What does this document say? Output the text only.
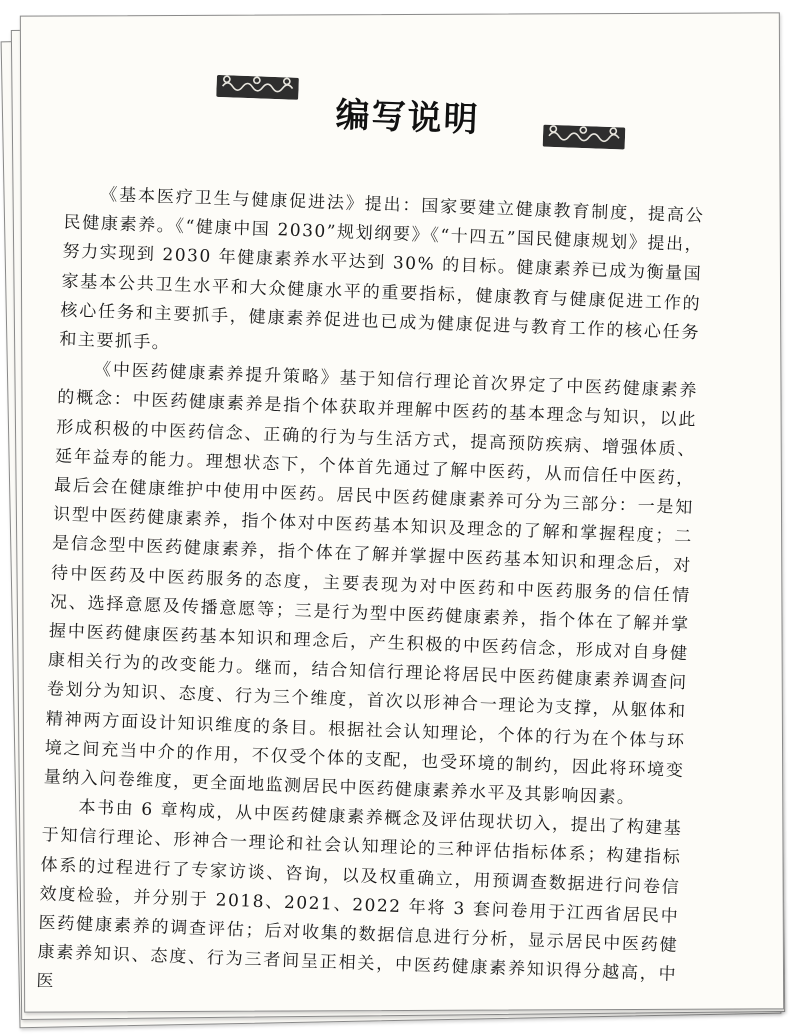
编写说明

《基本医疗卫生与健康促进法》提出：国家要建立健康教育制度，提高公民健康素养。《“健康中国 2030”规划纲要》《“十四五”国民健康规划》提出，努力实现到 2030 年健康素养水平达到 30% 的目标。健康素养已成为衡量国家基本公共卫生水平和大众健康水平的重要指标，健康教育与健康促进工作的核心任务和主要抓手，健康素养促进也已成为健康促进与教育工作的核心任务和主要抓手。

《中医药健康素养提升策略》基于知信行理论首次界定了中医药健康素养的概念：中医药健康素养是指个体获取并理解中医药的基本理念与知识，以此形成积极的中医药信念、正确的行为与生活方式，提高预防疾病、增强体质、延年益寿的能力。理想状态下，个体首先通过了解中医药，从而信任中医药，最后会在健康维护中使用中医药。居民中医药健康素养可分为三部分：一是知识型中医药健康素养，指个体对中医药基本知识及理念的了解和掌握程度；二是信念型中医药健康素养，指个体在了解并掌握中医药基本知识和理念后，对待中医药及中医药服务的态度，主要表现为对中医药和中医药服务的信任情况、选择意愿及传播意愿等；三是行为型中医药健康素养，指个体在了解并掌握中医药健康医药基本知识和理念后，产生积极的中医药信念，形成对自身健康相关行为的改变能力。继而，结合知信行理论将居民中医药健康素养调查问卷划分为知识、态度、行为三个维度，首次以形神合一理论为支撑，从躯体和精神两方面设计知识维度的条目。根据社会认知理论，个体的行为在个体与环境之间充当中介的作用，不仅受个体的支配，也受环境的制约，因此将环境变量纳入问卷维度，更全面地监测居民中医药健康素养水平及其影响因素。

本书由 6 章构成，从中医药健康素养概念及评估现状切入，提出了构建基于知信行理论、形神合一理论和社会认知理论的三种评估指标体系；构建指标体系的过程进行了专家访谈、咨询，以及权重确立，用预调查数据进行问卷信效度检验，并分别于 2018、2021、2022 年将 3 套问卷用于江西省居民中医药健康素养的调查评估；后对收集的数据信息进行分析，显示居民中医药健康素养知识、态度、行为三者间呈正相关，中医药健康素养知识得分越高，中医
